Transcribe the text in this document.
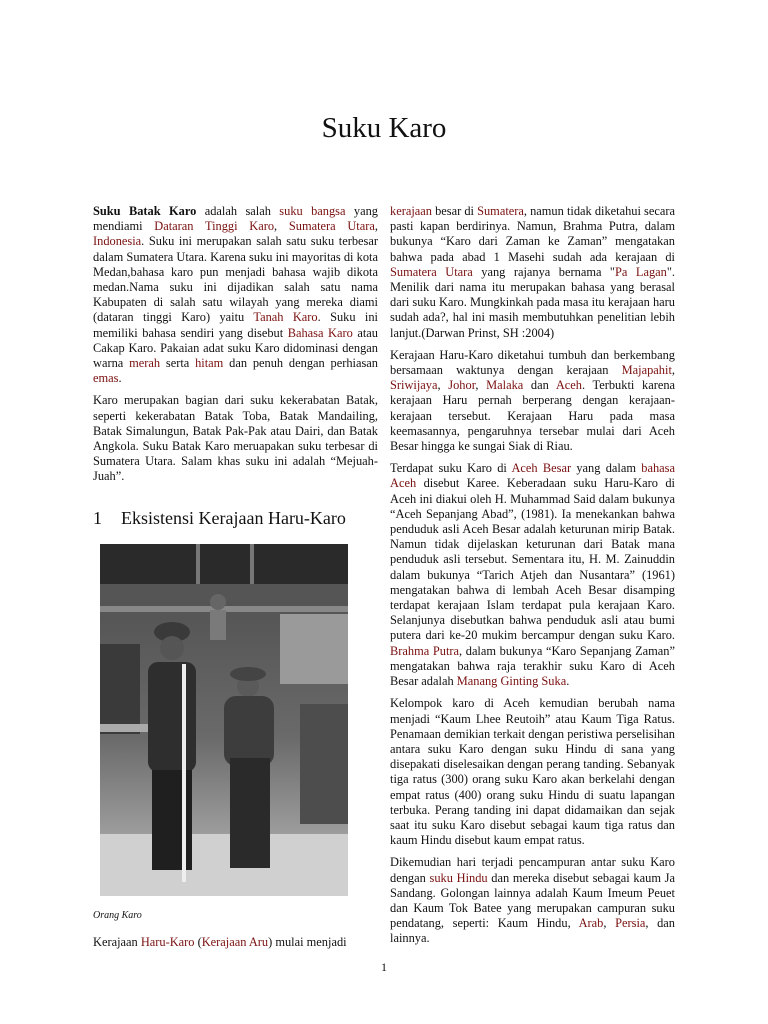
Suku Karo

Suku Batak Karo adalah salah suku bangsa yang mendiami Dataran Tinggi Karo, Sumatera Utara, Indonesia. Suku ini merupakan salah satu suku terbesar dalam Sumatera Utara. Karena suku ini mayoritas di kota Medan,bahasa karo pun menjadi bahasa wajib dikota medan.Nama suku ini dijadikan salah satu nama Kabupaten di salah satu wilayah yang mereka diami (dataran tinggi Karo) yaitu Tanah Karo. Suku ini memiliki bahasa sendiri yang disebut Bahasa Karo atau Cakap Karo. Pakaian adat suku Karo didominasi dengan warna merah serta hitam dan penuh dengan perhiasan emas.

Karo merupakan bagian dari suku kekerabatan Batak, seperti kekerabatan Batak Toba, Batak Mandailing, Batak Simalungun, Batak Pak-Pak atau Dairi, dan Batak Angkola. Suku Batak Karo meruapakan suku terbesar di Sumatera Utara. Salam khas suku ini adalah “Mejuah-Juah”.

1 Eksistensi Kerajaan Haru-Karo
Orang Karo

Kerajaan Haru-Karo (Kerajaan Aru) mulai menjadi

kerajaan besar di Sumatera, namun tidak diketahui secara pasti kapan berdirinya. Namun, Brahma Putra, dalam bukunya “Karo dari Zaman ke Zaman” mengatakan bahwa pada abad 1 Masehi sudah ada kerajaan di Sumatera Utara yang rajanya bernama "Pa Lagan". Menilik dari nama itu merupakan bahasa yang berasal dari suku Karo. Mungkinkah pada masa itu kerajaan haru sudah ada?, hal ini masih membutuhkan penelitian lebih lanjut.(Darwan Prinst, SH :2004)

Kerajaan Haru-Karo diketahui tumbuh dan berkembang bersamaan waktunya dengan kerajaan Majapahit, Sriwijaya, Johor, Malaka dan Aceh. Terbukti karena kerajaan Haru pernah berperang dengan kerajaan-kerajaan tersebut. Kerajaan Haru pada masa keemasannya, pengaruhnya tersebar mulai dari Aceh Besar hingga ke sungai Siak di Riau.

Terdapat suku Karo di Aceh Besar yang dalam bahasa Aceh disebut Karee. Keberadaan suku Haru-Karo di Aceh ini diakui oleh H. Muhammad Said dalam bukunya “Aceh Sepanjang Abad”, (1981). Ia menekankan bahwa penduduk asli Aceh Besar adalah keturunan mirip Batak. Namun tidak dijelaskan keturunan dari Batak mana penduduk asli tersebut. Sementara itu, H. M. Zainuddin dalam bukunya “Tarich Atjeh dan Nusantara” (1961) mengatakan bahwa di lembah Aceh Besar disamping terdapat kerajaan Islam terdapat pula kerajaan Karo. Selanjunya disebutkan bahwa penduduk asli atau bumi putera dari ke-20 mukim bercampur dengan suku Karo. Brahma Putra, dalam bukunya “Karo Sepanjang Zaman” mengatakan bahwa raja terakhir suku Karo di Aceh Besar adalah Manang Ginting Suka.

Kelompok karo di Aceh kemudian berubah nama menjadi “Kaum Lhee Reutoih” atau Kaum Tiga Ratus. Penamaan demikian terkait dengan peristiwa perselisihan antara suku Karo dengan suku Hindu di sana yang disepakati diselesaikan dengan perang tanding. Sebanyak tiga ratus (300) orang suku Karo akan berkelahi dengan empat ratus (400) orang suku Hindu di suatu lapangan terbuka. Perang tanding ini dapat didamaikan dan sejak saat itu suku Karo disebut sebagai kaum tiga ratus dan kaum Hindu disebut kaum empat ratus.

Dikemudian hari terjadi pencampuran antar suku Karo dengan suku Hindu dan mereka disebut sebagai kaum Ja Sandang. Golongan lainnya adalah Kaum Imeum Peuet dan Kaum Tok Batee yang merupakan campuran suku pendatang, seperti: Kaum Hindu, Arab, Persia, dan lainnya.

1
